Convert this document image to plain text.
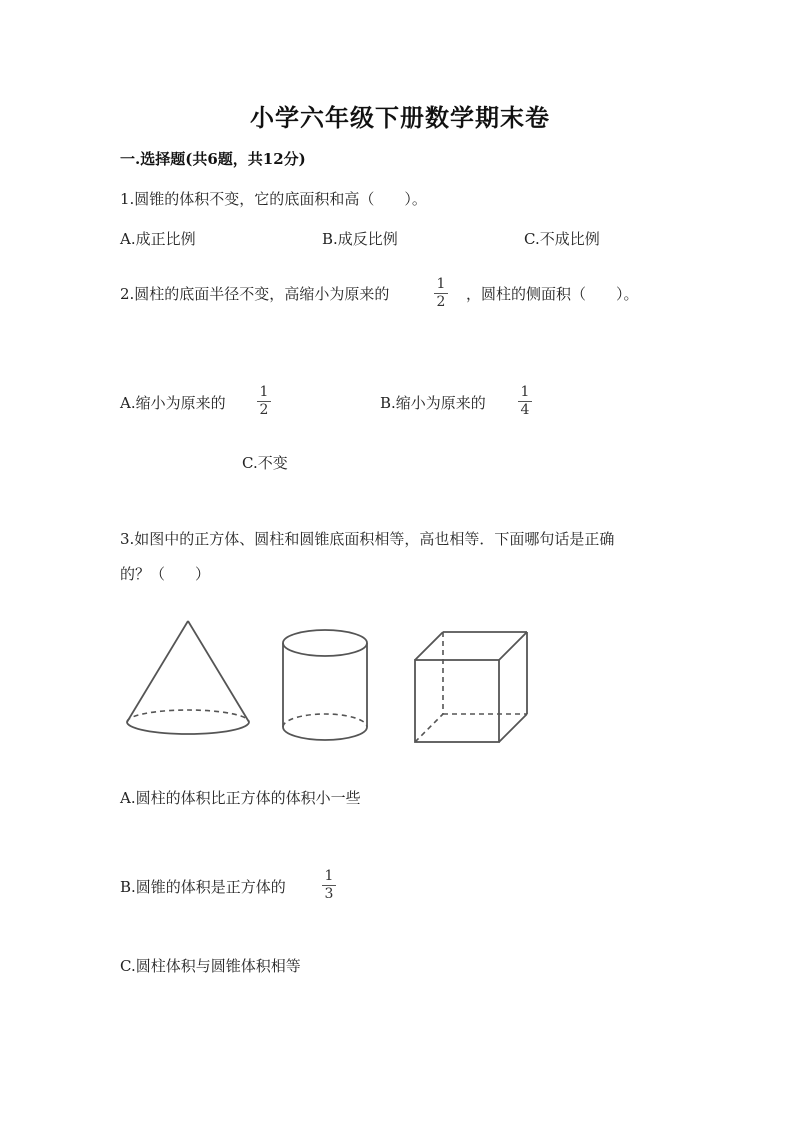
小学六年级下册数学期末卷
一.选择题(共6题，共12分)
1.圆锥的体积不变，它的底面积和高（　　）。
A.成正比例	B.成反比例	C.不成比例
2.圆柱的底面半径不变，高缩小为原来的
1
2 ，圆柱的侧面积（　　）。
A.缩小为原来的
1
2	B.缩小为原来的
1
4
C.不变
3.如图中的正方体、圆柱和圆锥底面积相等，高也相等．下面哪句话是正确
的？（　　）
A.圆柱的体积比正方体的体积小一些
B.圆锥的体积是正方体的
1
3
C.圆柱体积与圆锥体积相等
